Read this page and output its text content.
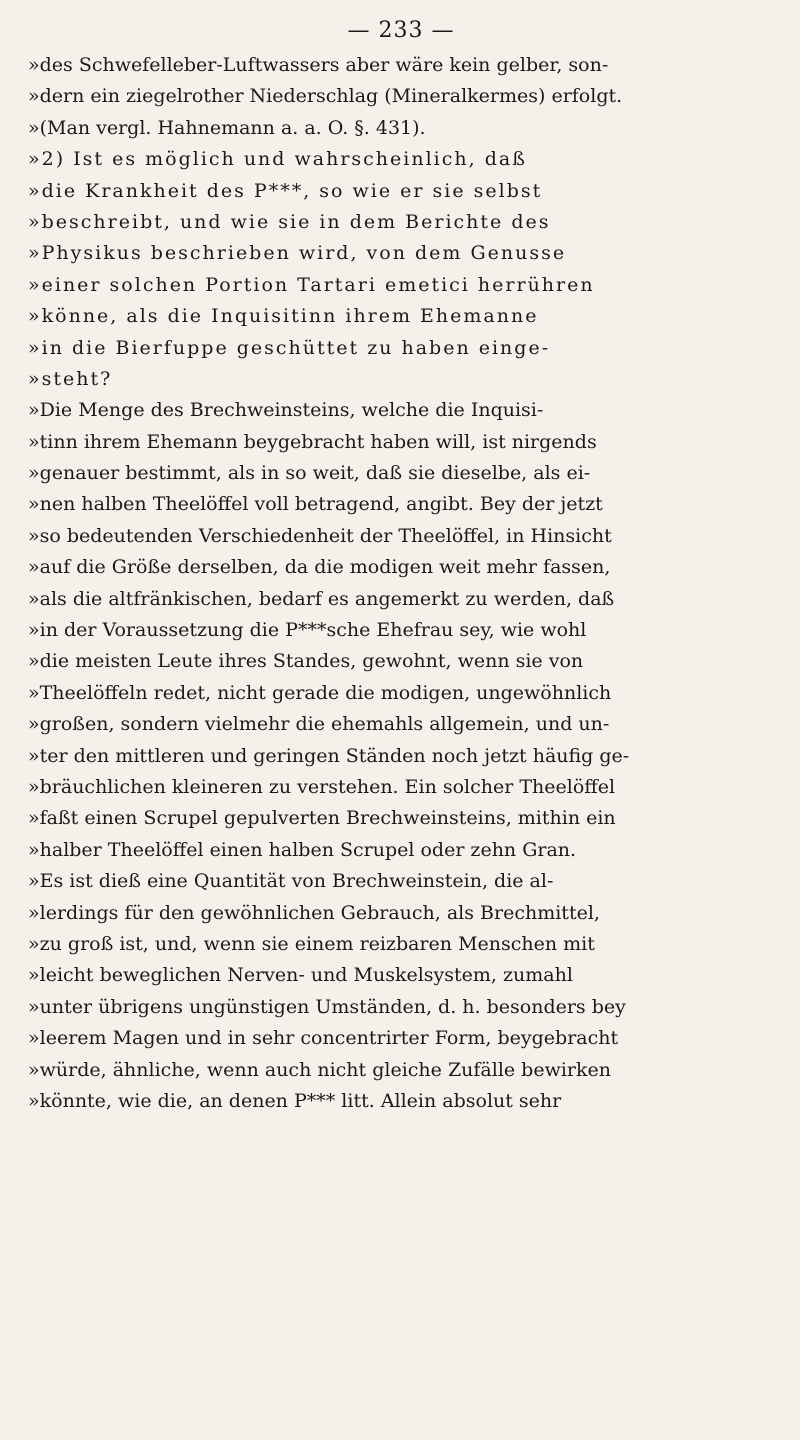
— 233 —
»des Schwefelleber-Luftwassers aber wäre kein gelber, son-
»dern ein ziegelrother Niederschlag (Mineralkermes) erfolgt.
»(Man vergl. Hahnemann a. a. O. §. 431).
»2) Ist es möglich und wahrscheinlich, daß
»die Krankheit des P***, so wie er sie selbst
»beschreibt, und wie sie in dem Berichte des
»Physikus beschrieben wird, von dem Genusse
»einer solchen Portion Tartari emetici herrühren
»könne, als die Inquisitinn ihrem Ehemanne
»in die Bierfuppe geschüttet zu haben einge-
»steht?
»Die Menge des Brechweinsteins, welche die Inquisi-
»tinn ihrem Ehemann beygebracht haben will, ist nirgends
»genauer bestimmt, als in so weit, daß sie dieselbe, als ei-
»nen halben Theelöffel voll betragend, angibt. Bey der jetzt
»so bedeutenden Verschiedenheit der Theelöffel, in Hinsicht
»auf die Größe derselben, da die modigen weit mehr fassen,
»als die altfränkischen, bedarf es angemerkt zu werden, daß
»in der Voraussetzung die P***sche Ehefrau sey, wie wohl
»die meisten Leute ihres Standes, gewohnt, wenn sie von
»Theelöffeln redet, nicht gerade die modigen, ungewöhnlich
»großen, sondern vielmehr die ehemahls allgemein, und un-
»ter den mittleren und geringen Ständen noch jetzt häufig ge-
»bräuchlichen kleineren zu verstehen. Ein solcher Theelöffel
»faßt einen Scrupel gepulverten Brechweinsteins, mithin ein
»halber Theelöffel einen halben Scrupel oder zehn Gran.
»Es ist dieß eine Quantität von Brechweinstein, die al-
»lerdings für den gewöhnlichen Gebrauch, als Brechmittel,
»zu groß ist, und, wenn sie einem reizbaren Menschen mit
»leicht beweglichen Nerven- und Muskelsystem, zumahl
»unter übrigens ungünstigen Umständen, d. h. besonders bey
»leerem Magen und in sehr concentrirter Form, beygebracht
»würde, ähnliche, wenn auch nicht gleiche Zufälle bewirken
»könnte, wie die, an denen P*** litt. Allein absolut sehr
